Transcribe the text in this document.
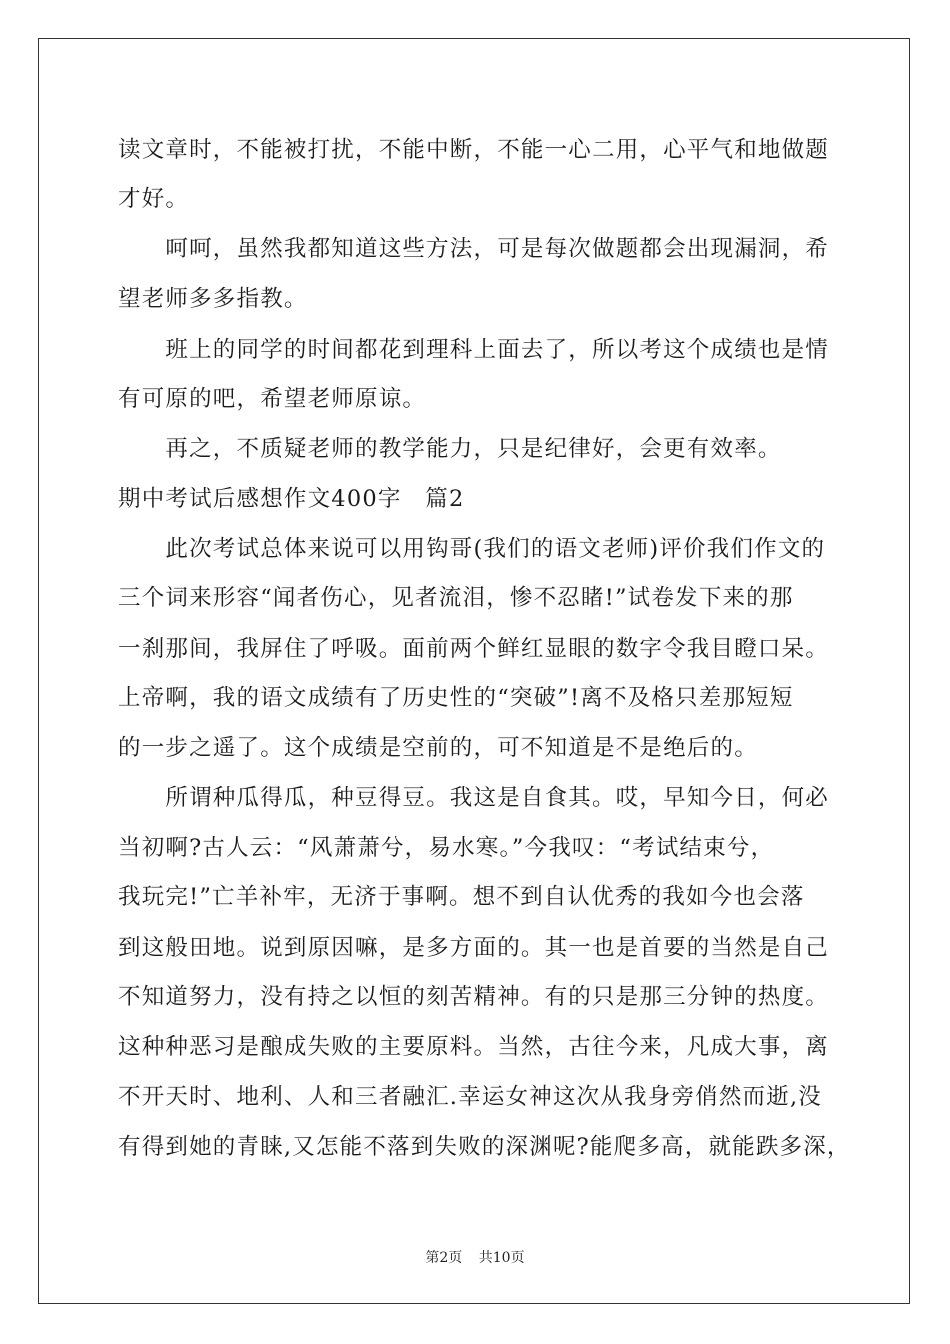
读文章时，不能被打扰，不能中断，不能一心二用，心平气和地做题
才好。
　　呵呵，虽然我都知道这些方法，可是每次做题都会出现漏洞，希
望老师多多指教。
　　班上的同学的时间都花到理科上面去了，所以考这个成绩也是情
有可原的吧，希望老师原谅。
　　再之，不质疑老师的教学能力，只是纪律好，会更有效率。
期中考试后感想作文400字　篇2
　　此次考试总体来说可以用钩哥(我们的语文老师)评价我们作文的
三个词来形容“闻者伤心，见者流泪，惨不忍睹!”试卷发下来的那
一刹那间，我屏住了呼吸。面前两个鲜红显眼的数字令我目瞪口呆。
上帝啊，我的语文成绩有了历史性的“突破”!离不及格只差那短短
的一步之遥了。这个成绩是空前的，可不知道是不是绝后的。
　　所谓种瓜得瓜，种豆得豆。我这是自食其。哎，早知今日，何必
当初啊?古人云：“风萧萧兮，易水寒。”今我叹：“考试结束兮，
我玩完!”亡羊补牢，无济于事啊。想不到自认优秀的我如今也会落
到这般田地。说到原因嘛，是多方面的。其一也是首要的当然是自己
不知道努力，没有持之以恒的刻苦精神。有的只是那三分钟的热度。
这种种恶习是酿成失败的主要原料。当然，古往今来，凡成大事，离
不开天时、地利、人和三者融汇.幸运女神这次从我身旁俏然而逝,没
有得到她的青睐,又怎能不落到失败的深渊呢?能爬多高，就能跌多深，
第2页 共10页
